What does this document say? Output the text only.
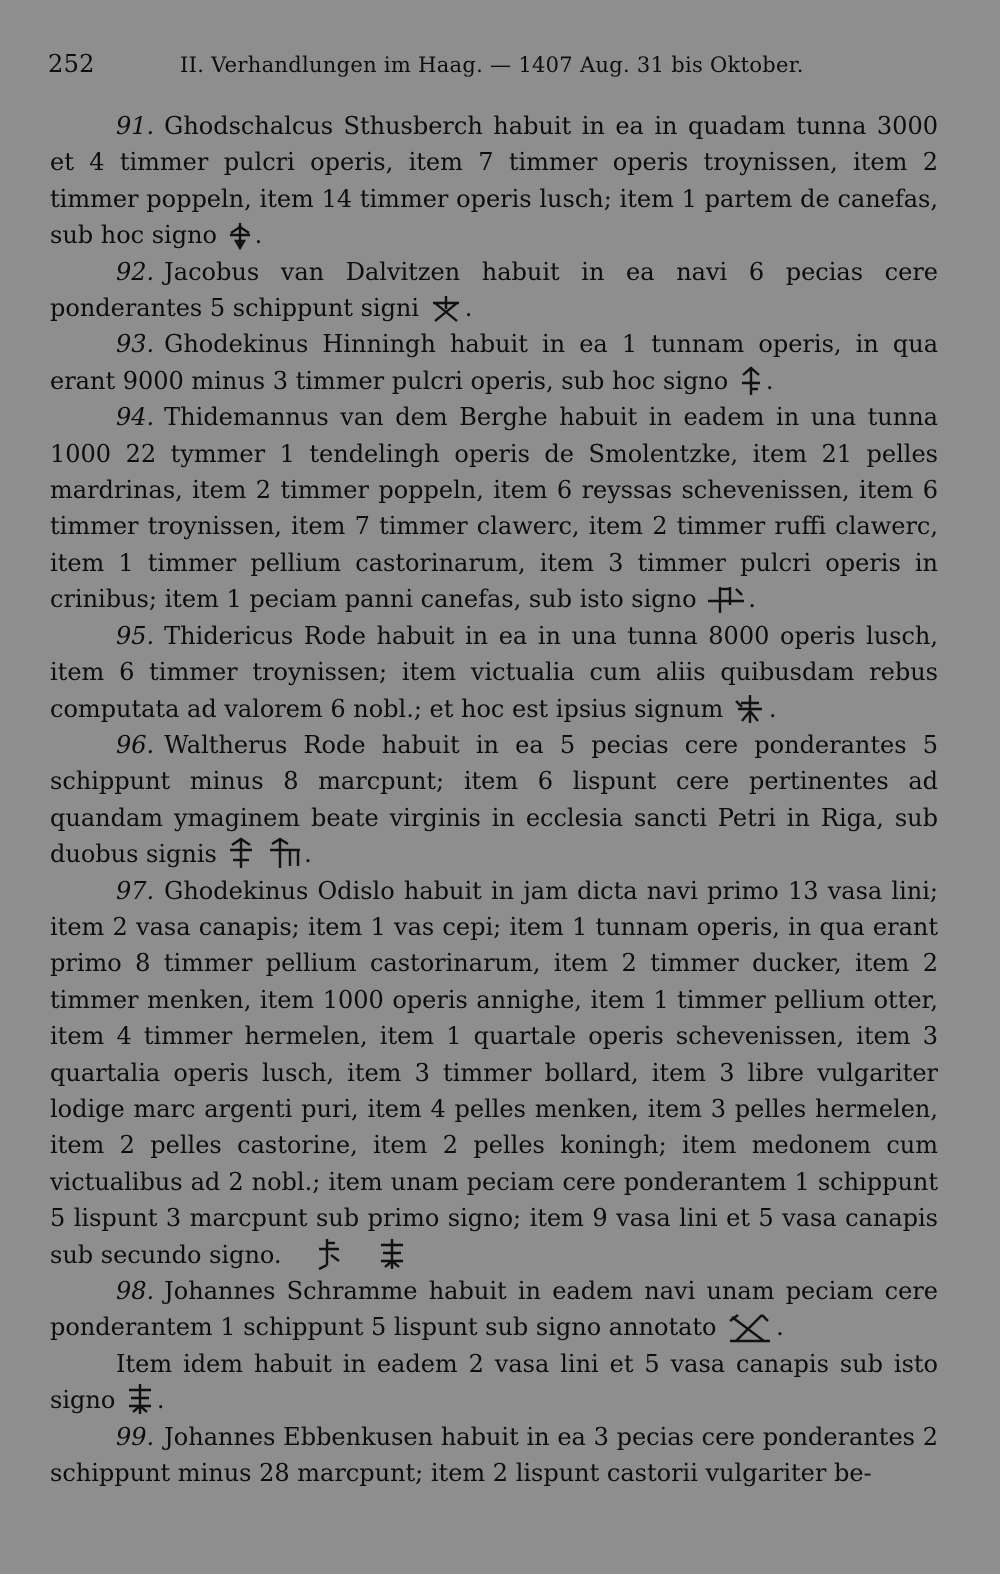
252	II. Verhandlungen im Haag. — 1407 Aug. 31 bis Oktober.

91. Ghodschalcus Sthusberch habuit in ea in quadam tunna 3000 et 4 timmer pulcri operis, item 7 timmer operis troynissen, item 2 timmer poppeln, item 14 timmer operis lusch; item 1 partem de canefas, sub hoc signo .

92. Jacobus van Dalvitzen habuit in ea navi 6 pecias cere ponderantes 5 schippunt signi .

93. Ghodekinus Hinningh habuit in ea 1 tunnam operis, in qua erant 9000 minus 3 timmer pulcri operis, sub hoc signo .

94. Thidemannus van dem Berghe habuit in eadem in una tunna 1000 22 tymmer 1 tendelingh operis de Smolentzke, item 21 pelles mardrinas, item 2 timmer poppeln, item 6 reyssas schevenissen, item 6 timmer troynissen, item 7 timmer clawerc, item 2 timmer ruffi clawerc, item 1 timmer pellium castorinarum, item 3 timmer pulcri operis in crinibus; item 1 peciam panni canefas, sub isto signo .

95. Thidericus Rode habuit in ea in una tunna 8000 operis lusch, item 6 timmer troynissen; item victualia cum aliis quibusdam rebus computata ad valorem 6 nobl.; et hoc est ipsius signum .

96. Waltherus Rode habuit in ea 5 pecias cere ponderantes 5 schippunt minus 8 marcpunt; item 6 lispunt cere pertinentes ad quandam ymaginem beate virginis in ecclesia sancti Petri in Riga, sub duobus signis
	.

97. Ghodekinus Odislo habuit in jam dicta navi primo 13 vasa lini; item 2 vasa canapis; item 1 vas cepi; item 1 tunnam operis, in qua erant primo 8 timmer pellium castorinarum, item 2 timmer ducker, item 2 timmer menken, item 1000 operis annighe, item 1 timmer pellium otter, item 4 timmer hermelen, item 1 quartale operis schevenissen, item 3 quartalia operis lusch, item 3 timmer bollard, item 3 libre vulgariter lodige marc argenti puri, item 4 pelles menken, item 3 pelles hermelen, item 2 pelles castorine, item 2 pelles koningh; item medonem cum victualibus ad 2 nobl.; item unam peciam cere ponderantem 1 schippunt 5 lispunt 3 marcpunt sub primo signo; item 9 vasa lini et 5 vasa canapis sub secundo signo.

98. Johannes Schramme habuit in eadem navi unam peciam cere ponderantem 1 schippunt 5 lispunt sub signo annotato .

Item idem habuit in eadem 2 vasa lini et 5 vasa canapis sub isto signo .

99. Johannes Ebbenkusen habuit in ea 3 pecias cere ponderantes 2 schippunt minus 28 marcpunt; item 2 lispunt castorii vulgariter be-
